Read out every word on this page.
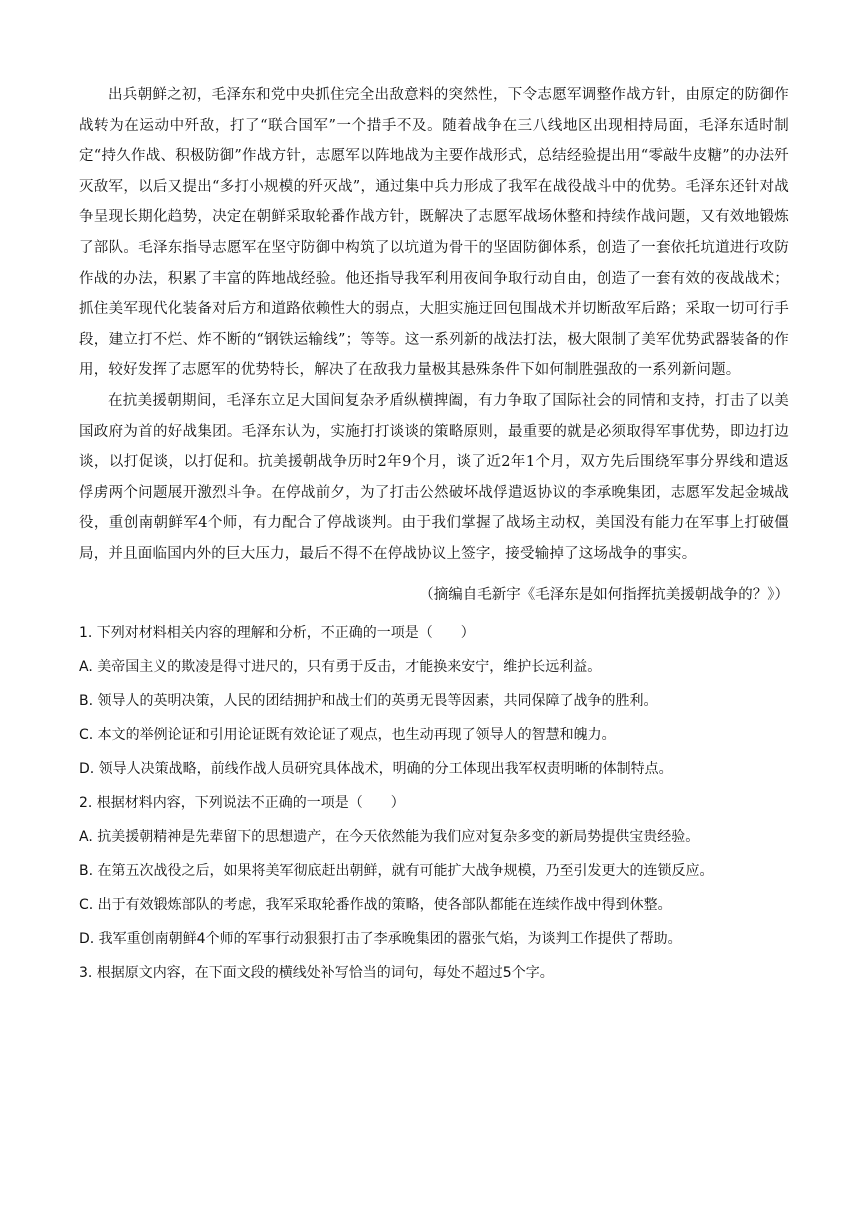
出兵朝鲜之初，毛泽东和党中央抓住完全出敌意料的突然性，下令志愿军调整作战方针，由原定的防御作战转为在运动中歼敌，打了“联合国军”一个措手不及。随着战争在三八线地区出现相持局面，毛泽东适时制定“持久作战、积极防御”作战方针，志愿军以阵地战为主要作战形式，总结经验提出用“零敲牛皮糖”的办法歼灭敌军，以后又提出“多打小规模的歼灭战”，通过集中兵力形成了我军在战役战斗中的优势。毛泽东还针对战争呈现长期化趋势，决定在朝鲜采取轮番作战方针，既解决了志愿军战场休整和持续作战问题，又有效地锻炼了部队。毛泽东指导志愿军在坚守防御中构筑了以坑道为骨干的坚固防御体系，创造了一套依托坑道进行攻防作战的办法，积累了丰富的阵地战经验。他还指导我军利用夜间争取行动自由，创造了一套有效的夜战战术；抓住美军现代化装备对后方和道路依赖性大的弱点，大胆实施迂回包围战术并切断敌军后路；采取一切可行手段，建立打不烂、炸不断的“钢铁运输线”；等等。这一系列新的战法打法，极大限制了美军优势武器装备的作用，较好发挥了志愿军的优势特长，解决了在敌我力量极其悬殊条件下如何制胜强敌的一系列新问题。

在抗美援朝期间，毛泽东立足大国间复杂矛盾纵横捭阖，有力争取了国际社会的同情和支持，打击了以美国政府为首的好战集团。毛泽东认为，实施打打谈谈的策略原则，最重要的就是必须取得军事优势，即边打边谈，以打促谈，以打促和。抗美援朝战争历时2年9个月，谈了近2年1个月，双方先后围绕军事分界线和遣返俘虏两个问题展开激烈斗争。在停战前夕，为了打击公然破坏战俘遣返协议的李承晚集团，志愿军发起金城战役，重创南朝鲜军4个师，有力配合了停战谈判。由于我们掌握了战场主动权，美国没有能力在军事上打破僵局，并且面临国内外的巨大压力，最后不得不在停战协议上签字，接受输掉了这场战争的事实。

（摘编自毛新宇《毛泽东是如何指挥抗美援朝战争的？》）

1. 下列对材料相关内容的理解和分析，不正确的一项是（　　）

A. 美帝国主义的欺凌是得寸进尺的，只有勇于反击，才能换来安宁，维护长远利益。

B. 领导人的英明决策，人民的团结拥护和战士们的英勇无畏等因素，共同保障了战争的胜利。

C. 本文的举例论证和引用论证既有效论证了观点，也生动再现了领导人的智慧和魄力。

D. 领导人决策战略，前线作战人员研究具体战术，明确的分工体现出我军权责明晰的体制特点。

2. 根据材料内容，下列说法不正确的一项是（　　）

A. 抗美援朝精神是先辈留下的思想遗产，在今天依然能为我们应对复杂多变的新局势提供宝贵经验。

B. 在第五次战役之后，如果将美军彻底赶出朝鲜，就有可能扩大战争规模，乃至引发更大的连锁反应。

C. 出于有效锻炼部队的考虑，我军采取轮番作战的策略，使各部队都能在连续作战中得到休整。

D. 我军重创南朝鲜4个师的军事行动狠狠打击了李承晚集团的嚣张气焰，为谈判工作提供了帮助。

3. 根据原文内容，在下面文段的横线处补写恰当的词句，每处不超过5个字。
